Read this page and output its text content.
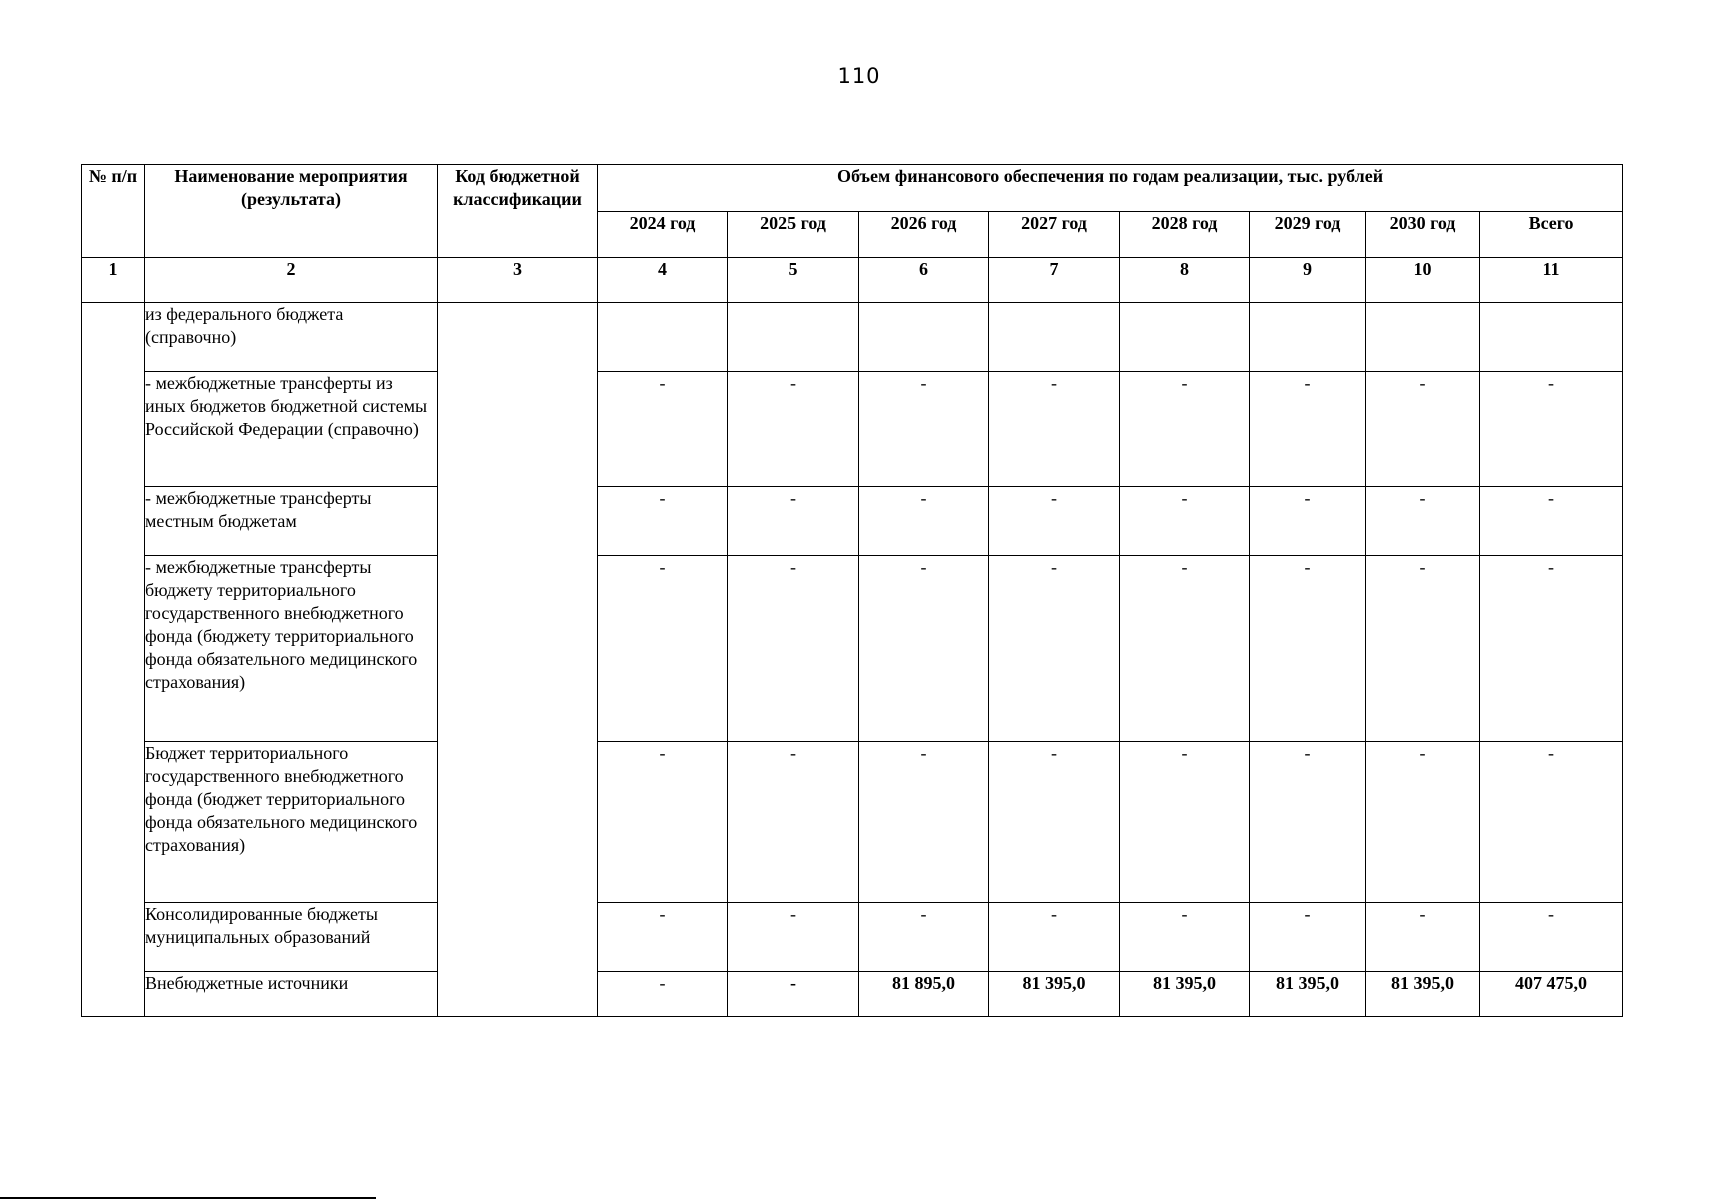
110
№ п/п	Наименование мероприятия (результата)	Код бюджетной классификации	Объем финансового обеспечения по годам реализации, тыс. рублей							
			2024 год	2025 год	2026 год	2027 год	2028 год	2029 год	2030 год	Всего
1	2	3	4	5	6	7	8	9	10	11
	из федерального бюджета (справочно)									
	- межбюджетные трансферты из иных бюджетов бюджетной системы Российской Федерации (справочно)		-	-	-	-	-	-	-	-
	- межбюджетные трансферты местным бюджетам		-	-	-	-	-	-	-	-
	- межбюджетные трансферты бюджету территориального государственного внебюджетного фонда (бюджету территориального фонда обязательного медицинского страхования)		-	-	-	-	-	-	-	-
	Бюджет территориального государственного внебюджетного фонда (бюджет территориального фонда обязательного медицинского страхования)		-	-	-	-	-	-	-	-
	Консолидированные бюджеты муниципальных образований		-	-	-	-	-	-	-	-
	Внебюджетные источники		-	-	81 895,0	81 395,0	81 395,0	81 395,0	81 395,0	407 475,0
